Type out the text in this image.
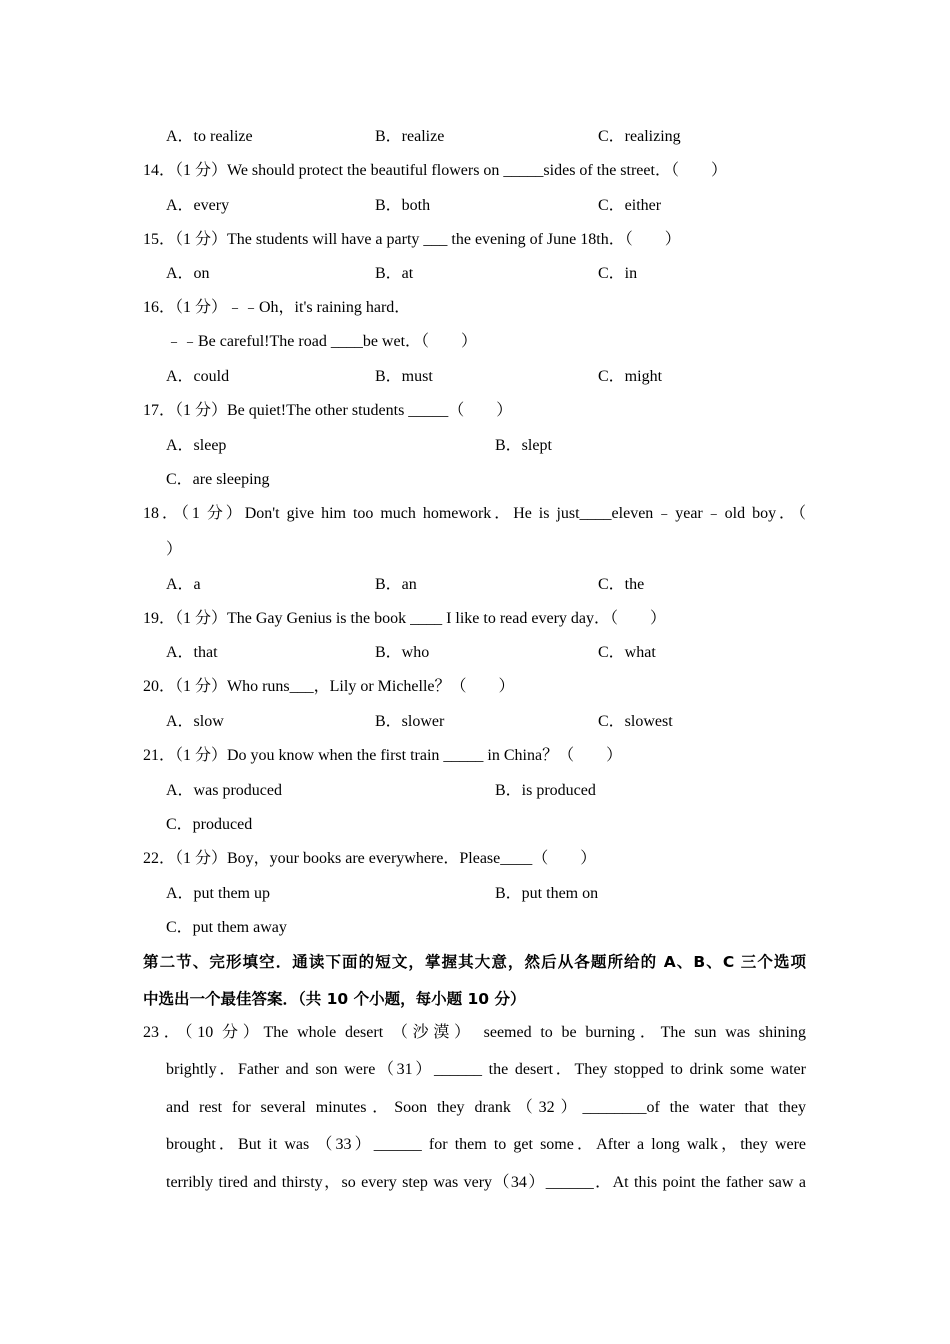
A．to realize	B．realize	C．realizing
14．（1 分）We should protect the beautiful flowers on _____sides of the street．（　　）
A．every	B．both	C．either
15．（1 分）The students will have a party ___ the evening of June 18th．（　　）
A．on	B．at	C．in
16．（1 分）﹣﹣Oh，it's raining hard．
﹣﹣Be careful!The road ____be wet．（　　）
A．could	B．must	C．might
17．（1 分）Be quiet!The other students _____（　　）
A．sleep	B．slept
C．are sleeping
18．（1 分）Don't give him too much homework．He is just____eleven﹣year﹣old boy．（
）
A．a	B．an	C．the
19．（1 分）The Gay Genius is the book ____ I like to read every day．（　　）
A．that	B．who	C．what
20．（1 分）Who runs___，Lily or Michelle？（　　）
A．slow	B．slower	C．slowest
21．（1 分）Do you know when the first train _____ in China？（　　）
A．was produced	B．is produced
C．produced
22．（1 分）Boy，your books are everywhere．Please____（　　）
A．put them up	B．put them on
C．put them away
第二节、完形填空．通读下面的短文，掌握其大意，然后从各题所给的 A、B、C 三个选项
中选出一个最佳答案．（共 10 个小题，每小题 10 分）
23．（10 分）The whole desert （沙漠） seemed to be burning．The sun was shining
brightly．Father and son were（31）______ the desert．They stopped to drink some water
and rest for several minutes．Soon they drank（32）________of the water that they
brought．But it was （33）______ for them to get some．After a long walk，they were
terribly tired and thirsty，so every step was very（34）______．At this point the father saw a
